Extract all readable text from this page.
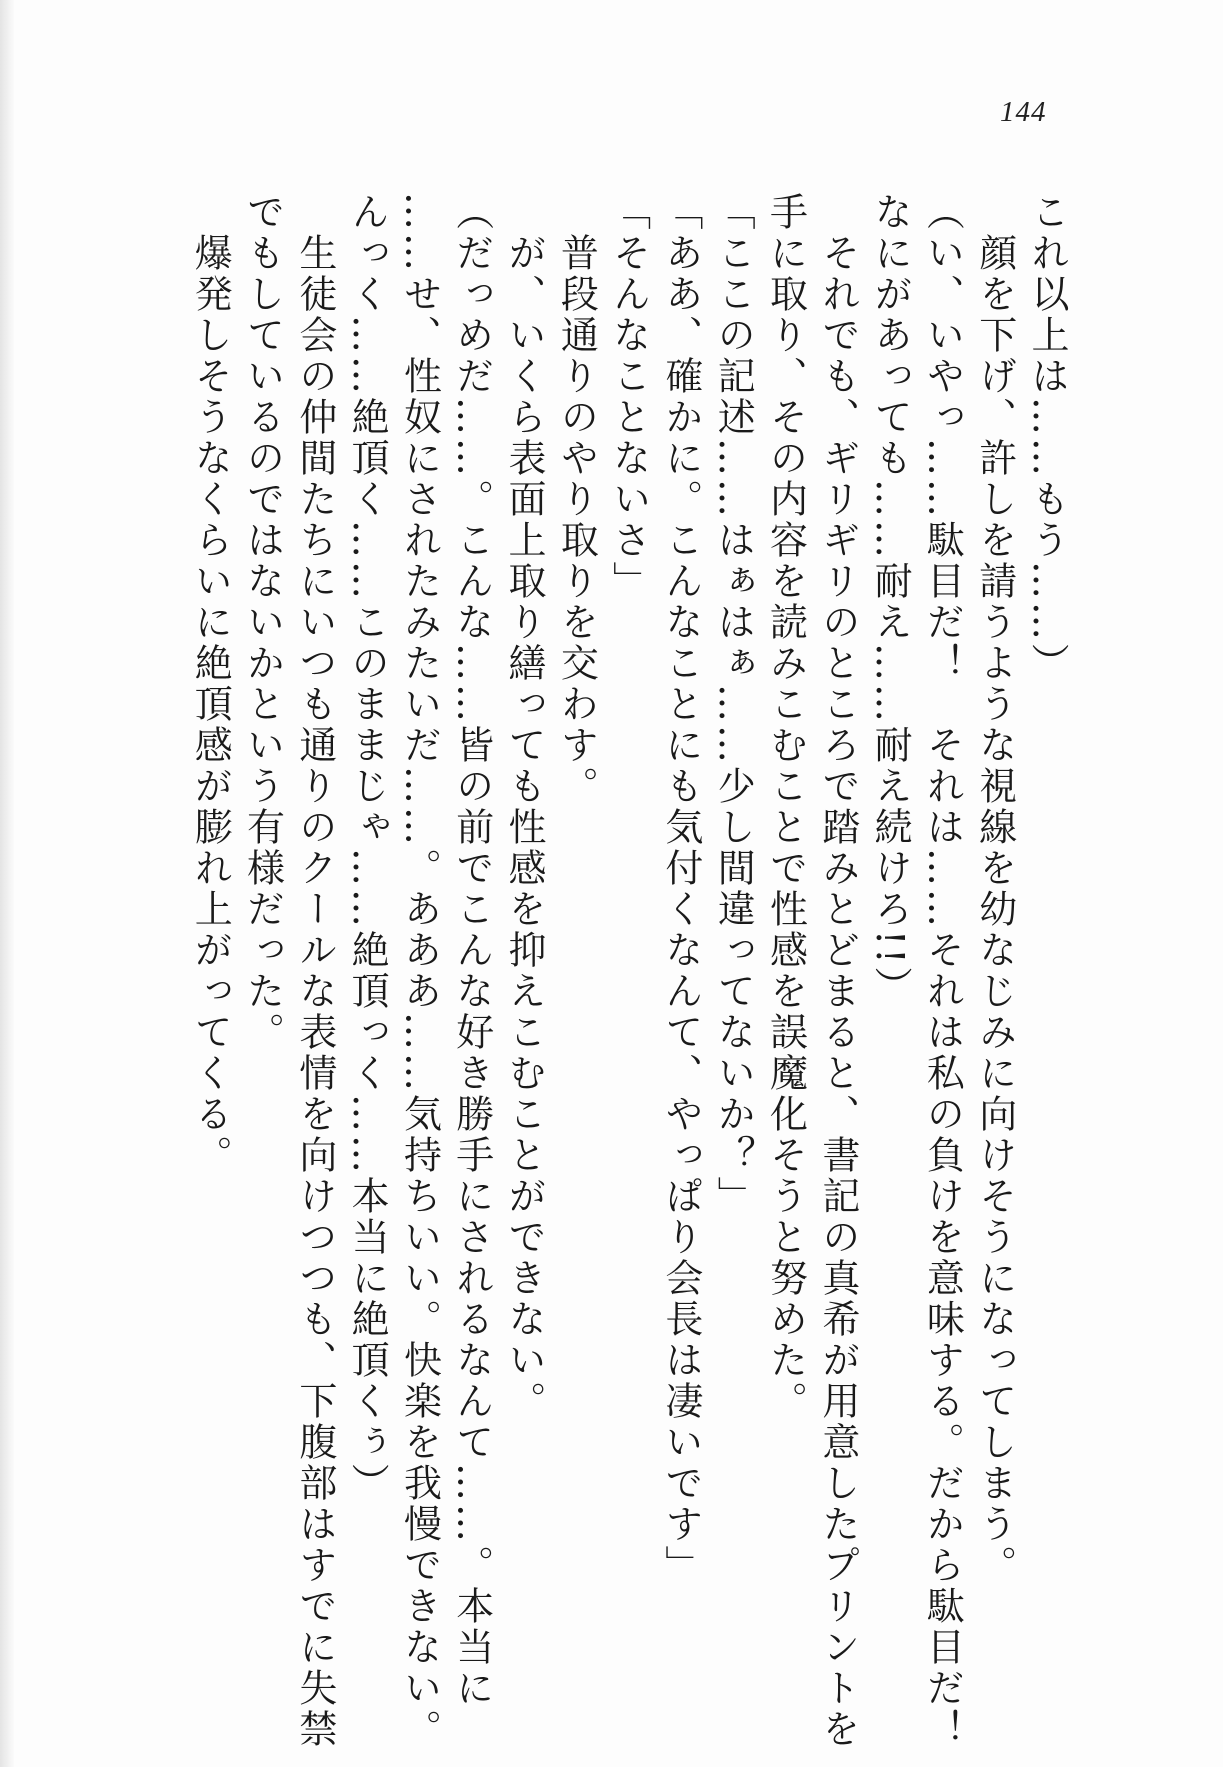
144

これ以上は……もう……）

　顔を下げ、許しを請うような視線を幼なじみに向けそうになってしまう。

（い、いやっ……駄目だ！　それは……それは私の負けを意味する。だから駄目だ！

なにがあっても……耐え……耐え続けろ!!）

　それでも、ギリギリのところで踏みとどまると、書記の真希が用意したプリントを

手に取り、その内容を読みこむことで性感を誤魔化そうと努めた。

「ここの記述……はぁはぁ……少し間違ってないか？」

「ああ、確かに。こんなことにも気付くなんて、やっぱり会長は凄いです」

「そんなことないさ」

　普段通りのやり取りを交わす。

　が、いくら表面上取り繕っても性感を抑えこむことができない。

（だっめだ……。こんな……皆の前でこんな好き勝手にされるなんて……。本当に

……せ、性奴にされたみたいだ……。あああ……気持ちいい。快楽を我慢できない。

んっく……絶頂く……このままじゃ……絶頂っく……本当に絶頂くぅ）

　生徒会の仲間たちにいつも通りのクールな表情を向けつつも、下腹部はすでに失禁

でもしているのではないかという有様だった。

　爆発しそうなくらいに絶頂感が膨れ上がってくる。
